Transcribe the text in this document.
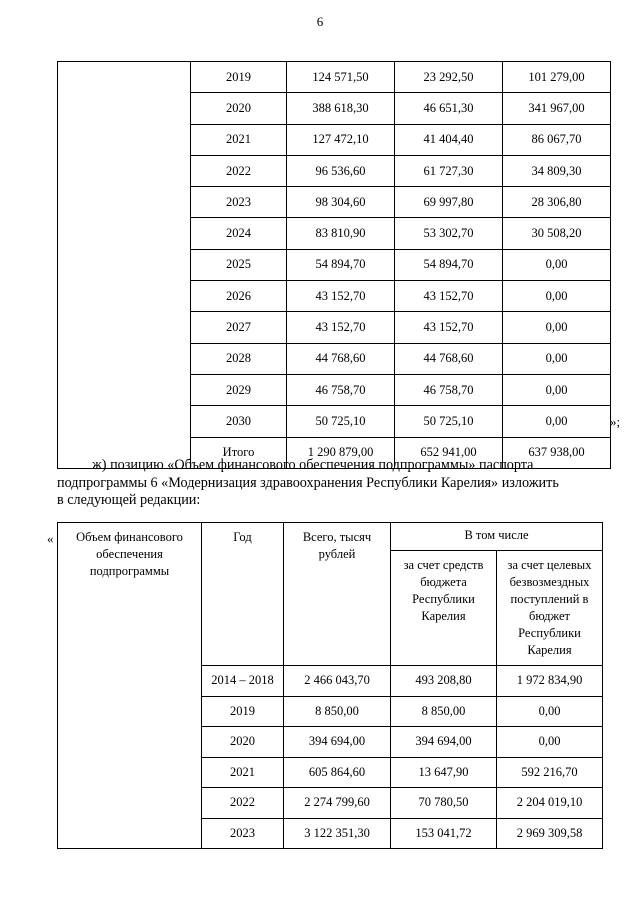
6
	2019	124 571,50	23 292,50	101 279,00
	2020	388 618,30	46 651,30	341 967,00
	2021	127 472,10	41 404,40	86 067,70
	2022	96 536,60	61 727,30	34 809,30
	2023	98 304,60	69 997,80	28 306,80
	2024	83 810,90	53 302,70	30 508,20
	2025	54 894,70	54 894,70	0,00
	2026	43 152,70	43 152,70	0,00
	2027	43 152,70	43 152,70	0,00
	2028	44 768,60	44 768,60	0,00
	2029	46 758,70	46 758,70	0,00
	2030	50 725,10	50 725,10	0,00
	Итого	1 290 879,00	652 941,00	637 938,00
»;
ж) позицию «Объем финансового обеспечения подпрограммы» паспорта
подпрограммы 6 «Модернизация здравоохранения Республики Карелия» изложить
в следующей редакции:
« Объем финансового обеспечения подпрограммы	Год	Всего, тысяч рублей	В том числе	
			за счет средств бюджета Республики Карелия	за счет целевых безвозмездных поступлений в бюджет Республики Карелия
	2014 – 2018	2 466 043,70	493 208,80	1 972 834,90
	2019	8 850,00	8 850,00	0,00
	2020	394 694,00	394 694,00	0,00
	2021	605 864,60	13 647,90	592 216,70
	2022	2 274 799,60	70 780,50	2 204 019,10
	2023	3 122 351,30	153 041,72	2 969 309,58
